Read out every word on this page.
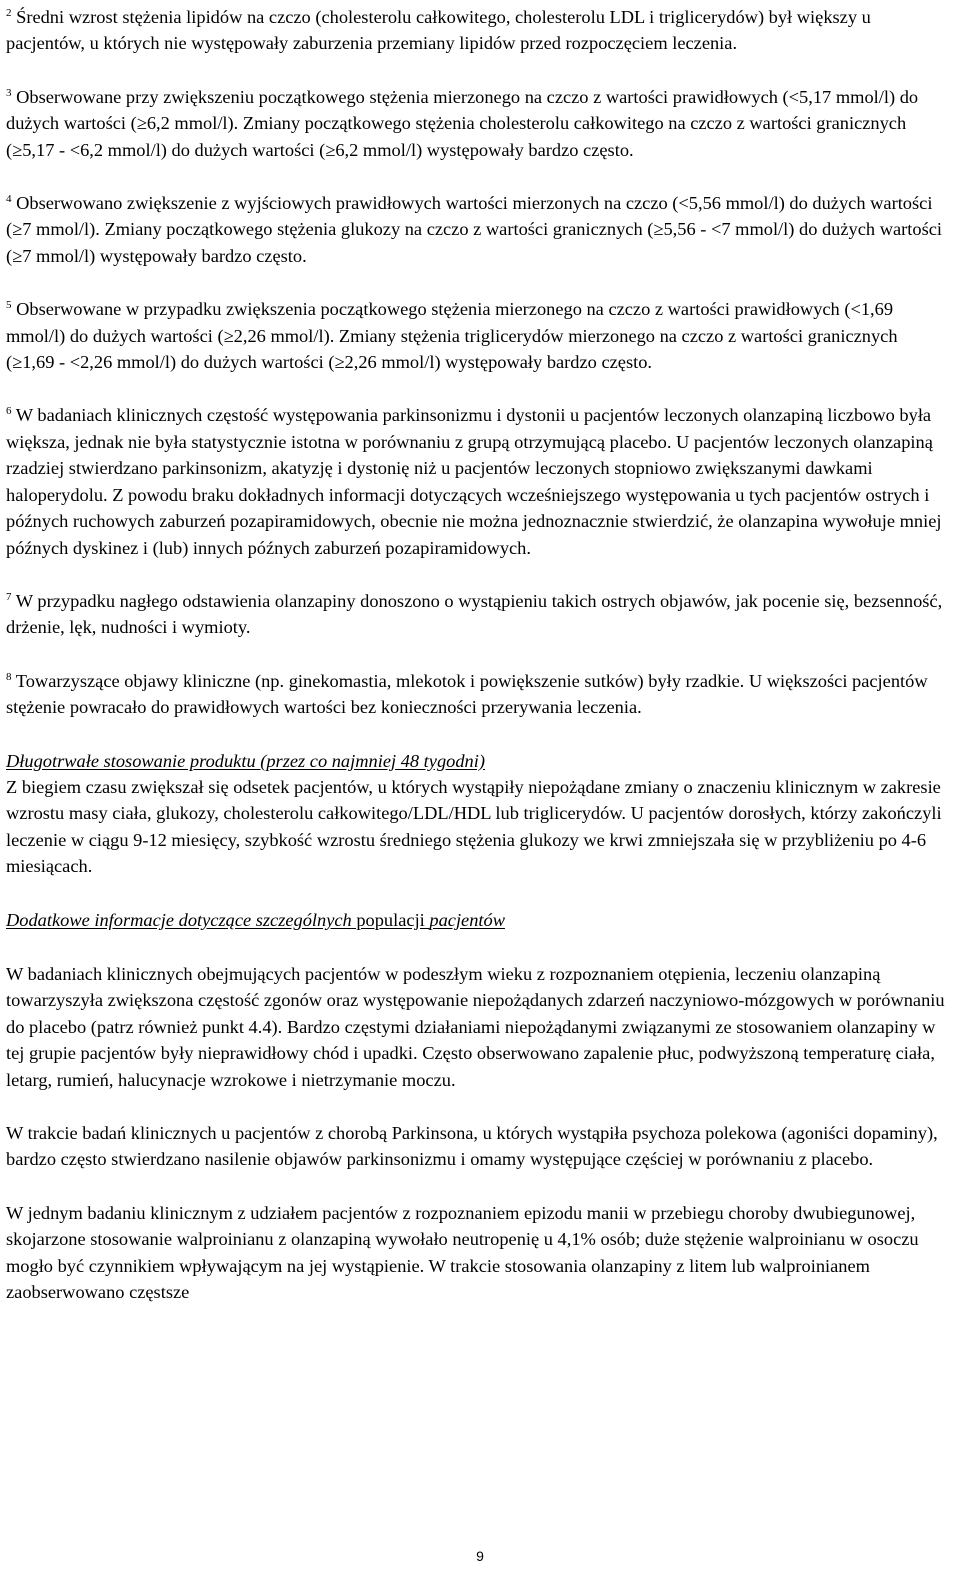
$^2$ Średni wzrost stężenia lipidów na czczo (cholesterolu całkowitego, cholesterolu LDL i triglicerydów) był większy u pacjentów, u których nie występowały zaburzenia przemiany lipidów przed rozpoczęciem leczenia.

$^3$ Obserwowane przy zwiększeniu początkowego stężenia mierzonego na czczo z wartości prawidłowych (<5,17 mmol/l) do dużych wartości (≥6,2 mmol/l). Zmiany początkowego stężenia cholesterolu całkowitego na czczo z wartości granicznych (≥5,17 - <6,2 mmol/l) do dużych wartości (≥6,2 mmol/l) występowały bardzo często.

$^4$ Obserwowano zwiększenie z wyjściowych prawidłowych wartości mierzonych na czczo (<5,56 mmol/l) do dużych wartości (≥7 mmol/l). Zmiany początkowego stężenia glukozy na czczo z wartości granicznych (≥5,56 - <7 mmol/l) do dużych wartości (≥7 mmol/l) występowały bardzo często.

$^5$ Obserwowane w przypadku zwiększenia początkowego stężenia mierzonego na czczo z wartości prawidłowych (<1,69 mmol/l) do dużych wartości (≥2,26 mmol/l). Zmiany stężenia triglicerydów mierzonego na czczo z wartości granicznych (≥1,69 - <2,26 mmol/l) do dużych wartości (≥2,26 mmol/l) występowały bardzo często.

$^6$ W badaniach klinicznych częstość występowania parkinsonizmu i dystonii u pacjentów leczonych olanzapiną liczbowo była większa, jednak nie była statystycznie istotna w porównaniu z grupą otrzymującą placebo. U pacjentów leczonych olanzapiną rzadziej stwierdzano parkinsonizm, akatyzję i dystonię niż u pacjentów leczonych stopniowo zwiększanymi dawkami haloperydolu. Z powodu braku dokładnych informacji dotyczących wcześniejszego występowania u tych pacjentów ostrych i późnych ruchowych zaburzeń pozapiramidowych, obecnie nie można jednoznacznie stwierdzić, że olanzapina wywołuje mniej późnych dyskinez i (lub) innych późnych zaburzeń pozapiramidowych.

$^7$ W przypadku nagłego odstawienia olanzapiny donoszono o wystąpieniu takich ostrych objawów, jak pocenie się, bezsenność, drżenie, lęk, nudności i wymioty.

$^8$ Towarzyszące objawy kliniczne (np. ginekomastia, mlekotok i powiększenie sutków) były rzadkie. U większości pacjentów stężenie powracało do prawidłowych wartości bez konieczności przerywania leczenia.

Długotrwałe stosowanie produktu (przez co najmniej 48 tygodni)

Z biegiem czasu zwiększał się odsetek pacjentów, u których wystąpiły niepożądane zmiany o znaczeniu klinicznym w zakresie wzrostu masy ciała, glukozy, cholesterolu całkowitego/LDL/HDL lub triglicerydów. U pacjentów dorosłych, którzy zakończyli leczenie w ciągu 9-12 miesięcy, szybkość wzrostu średniego stężenia glukozy we krwi zmniejszała się w przybliżeniu po 4-6 miesiącach.

Dodatkowe informacje dotyczące szczególnych populacji pacjentów

W badaniach klinicznych obejmujących pacjentów w podeszłym wieku z rozpoznaniem otępienia, leczeniu olanzapiną towarzyszyła zwiększona częstość zgonów oraz występowanie niepożądanych zdarzeń naczyniowo-mózgowych w porównaniu do placebo (patrz również punkt 4.4). Bardzo częstymi działaniami niepożądanymi związanymi ze stosowaniem olanzapiny w tej grupie pacjentów były nieprawidłowy chód i upadki. Często obserwowano zapalenie płuc, podwyższoną temperaturę ciała, letarg, rumień, halucynacje wzrokowe i nietrzymanie moczu.

W trakcie badań klinicznych u pacjentów z chorobą Parkinsona, u których wystąpiła psychoza polekowa (agoniści dopaminy), bardzo często stwierdzano nasilenie objawów parkinsonizmu i omamy występujące częściej w porównaniu z placebo.

W jednym badaniu klinicznym z udziałem pacjentów z rozpoznaniem epizodu manii w przebiegu choroby dwubiegunowej, skojarzone stosowanie walproinianu z olanzapiną wywołało neutropenię u 4,1% osób; duże stężenie walproinianu w osoczu mogło być czynnikiem wpływającym na jej wystąpienie. W trakcie stosowania olanzapiny z litem lub walproinianem zaobserwowano częstsze

9
